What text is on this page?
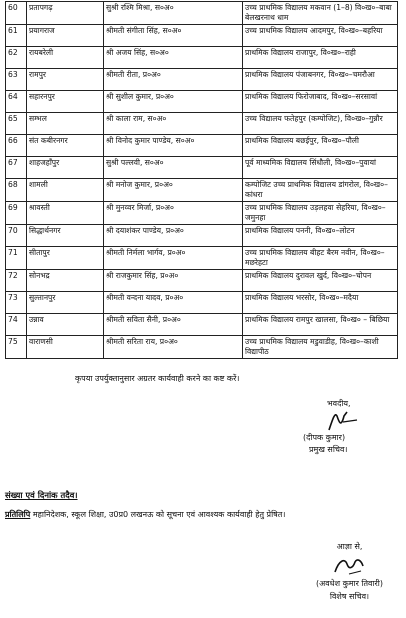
60	प्रतापगढ़	सुश्री रश्मि मिश्रा, स०अ०	उच्च प्राथमिक विद्यालय मकवान (1–8) वि०ख०–बाबा बेलखरनाथ धाम
61	प्रयागराज	श्रीमती संगीता सिंह, स०अ०	उच्च प्राथमिक विद्यालय आदमपुर, वि०ख०–बहरिया
62	रायबरेली	श्री अजय सिंह, स०अ०	प्राथमिक विद्यालय राजापुर, वि०ख०–राही
63	रामपुर	श्रीमती रीता, प्र०अ०	प्राथमिक विद्यालय पंजाबनगर, वि०ख०–चमरौआ
64	सहारनपुर	श्री सुशील कुमार, प्र०अ०	प्राथमिक विद्यालय फिरोजाबाद, वि०ख०–सरसावां
65	सम्भल	श्री काला राम, स०अ०	उच्च विद्यालय फतेहपुर (कम्पोजिट), वि०ख०–गुन्नौर
66	संत कबीरनगर	श्री विनोद कुमार पाण्डेय, स०अ०	प्राथमिक विद्यालय बछईपुर, वि०ख०–पौली
67	शाहजहाँपुर	सुश्री पल्लवी, स०अ०	पूर्व माध्यमिक विद्यालय सिंधौली, वि०ख०–पुवायां
68	शामली	श्री मनोज कुमार, प्र०अ०	कम्पोजिट उच्च प्राथमिक विद्यालय डांगरोल, वि०ख०–कांधरा
69	श्रावस्ती	श्री मुनव्वर मिर्जा, प्र०अ०	उच्च प्राथमिक विद्यालय उड़लहवा सेहरिया, वि०ख०–जमुनहा
70	सिद्धार्थनगर	श्री दयाशंकर पाण्डेय, प्र०अ०	प्राथमिक विद्यालय पननी, वि०ख०–लोटन
71	सीतापुर	श्रीमती निर्मला भार्गव, प्र०अ०	उच्च प्राथमिक विद्यालय बीहट बैरम नवीन, वि०ख०–मछरेहटा
72	सोनभद्र	श्री राजकुमार सिंह, प्र०अ०	प्राथमिक विद्यालय दुरावल खुर्द, वि०ख०–चोपन
73	सुल्तानपुर	श्रीमती वन्दना यादव, प्र०अ०	प्राथमिक विद्यालय भरसोर, वि०ख०–मदैया
74	उन्नाव	श्रीमती सविता सैनी, प्र०अ०	प्राथमिक विद्यालय रामपुर खालसा, वि०ख० – बिछिया
75	वाराणसी	श्रीमती सरिता राय, प्र०अ०	उच्च प्राथमिक विद्यालय मडुवाडीह, वि०ख०–काशी विद्यापीठ
कृपया उपर्युक्तानुसार अग्रतर कार्यवाही करने का कष्ट करें।
भवदीय,
(दीपक कुमार)
प्रमुख सचिव।
संख्या एवं दिनांक तदैव।
प्रतिलिपि महानिदेशक, स्कूल शिक्षा, उ0प्र0 लखनऊ को सूचना एवं आवश्यक कार्यवाही हेतु प्रेषित।
आज्ञा से,
(अवधेश कुमार तिवारी)
विशेष सचिव।
